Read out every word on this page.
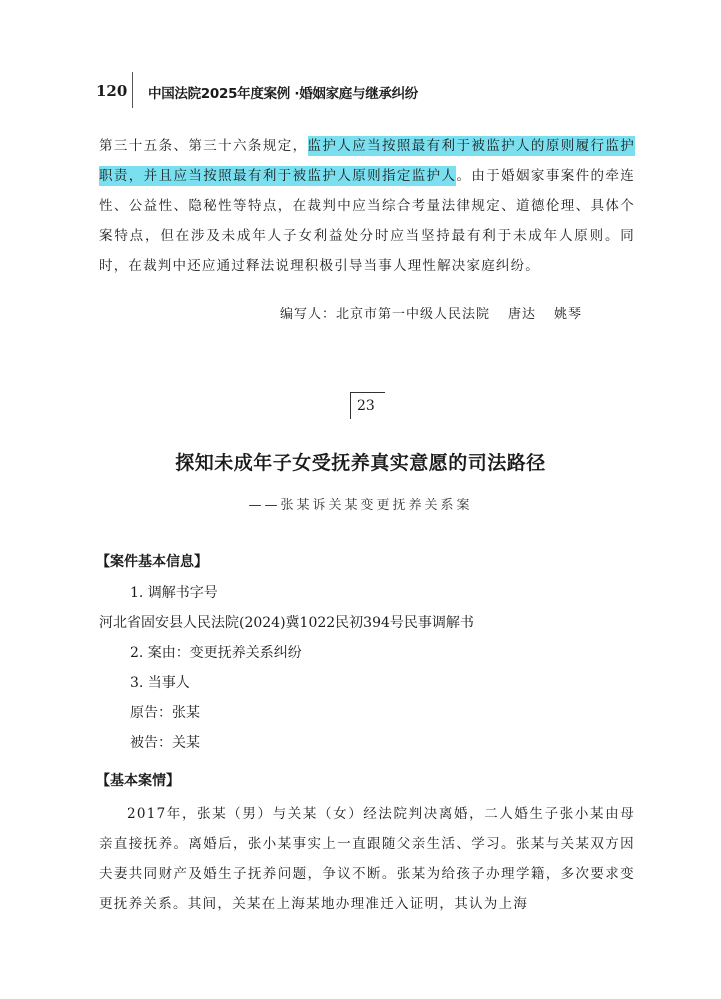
120 中国法院2025年度案例 ·婚姻家庭与继承纠纷
第三十五条、第三十六条规定，监护人应当按照最有利于被监护人的原则履行监护职责，并且应当按照最有利于被监护人原则指定监护人。由于婚姻家事案件的牵连性、公益性、隐秘性等特点，在裁判中应当综合考量法律规定、道德伦理、具体个案特点，但在涉及未成年人子女利益处分时应当坚持最有利于未成年人原则。同时，在裁判中还应通过释法说理积极引导当事人理性解决家庭纠纷。
编写人：北京市第一中级人民法院 唐达 姚琴
23
探知未成年子女受抚养真实意愿的司法路径
——张某诉关某变更抚养关系案
【案件基本信息】
1. 调解书字号
河北省固安县人民法院(2024)冀1022民初394号民事调解书
2. 案由：变更抚养关系纠纷
3. 当事人
原告：张某
被告：关某
【基本案情】
2017年，张某（男）与关某（女）经法院判决离婚，二人婚生子张小某由母亲直接抚养。离婚后，张小某事实上一直跟随父亲生活、学习。张某与关某双方因夫妻共同财产及婚生子抚养问题，争议不断。张某为给孩子办理学籍，多次要求变更抚养关系。其间，关某在上海某地办理准迁入证明，其认为上海
